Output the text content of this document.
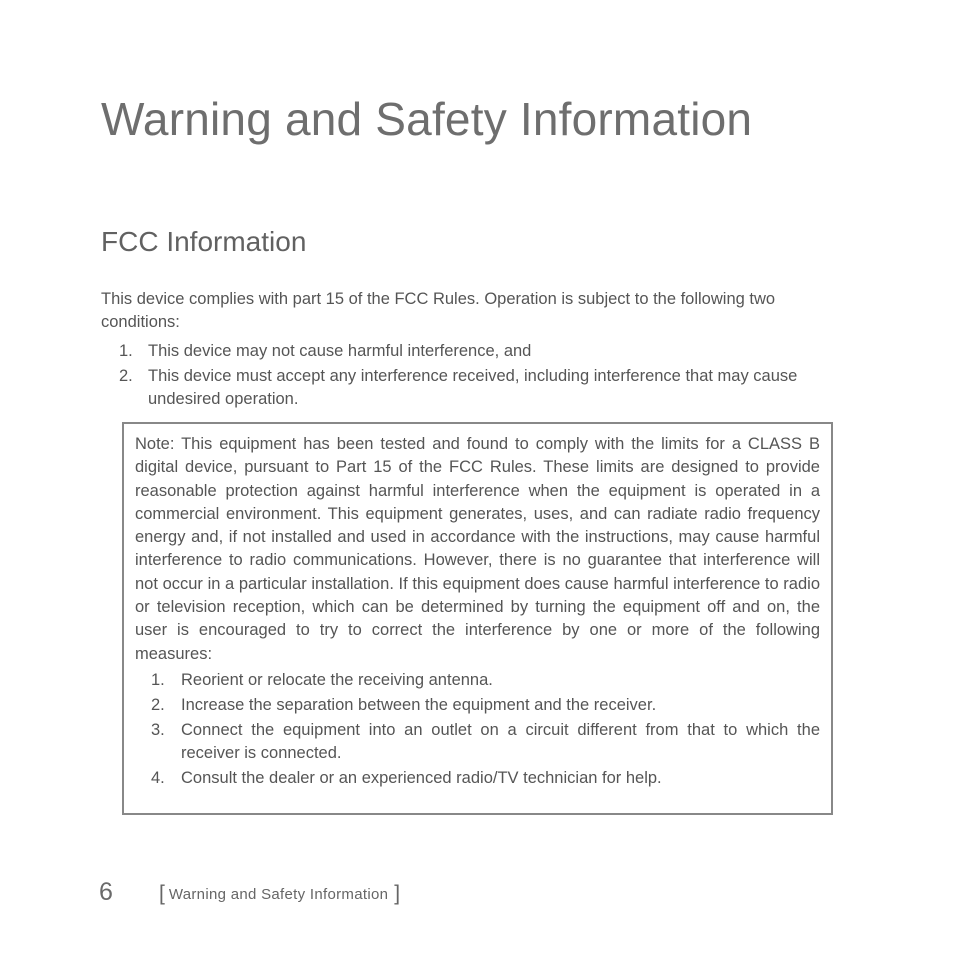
Warning and Safety Information
FCC Information

This device complies with part 15 of the FCC Rules. Operation is subject to the following two conditions:

1. This device may not cause harmful interference, and
2. This device must accept any interference received, including interference that may cause undesired operation.

Note: This equipment has been tested and found to comply with the limits for a CLASS B digital device, pursuant to Part 15 of the FCC Rules. These limits are designed to provide reasonable protection against harmful interference when the equipment is operated in a commercial environment. This equipment generates, uses, and can radiate radio frequency energy and, if not installed and used in accordance with the instructions, may cause harmful interference to radio communications. However, there is no guarantee that interference will not occur in a particular installation. If this equipment does cause harmful interference to radio or television reception, which can be determined by turning the equipment off and on, the user is encouraged to try to correct the interference by one or more of the following measures:

1. Reorient or relocate the receiving antenna.
2. Increase the separation between the equipment and the receiver.
3. Connect the equipment into an outlet on a circuit different from that to which the receiver is connected.
4. Consult the dealer or an experienced radio/TV technician for help.
6 [ Warning and Safety Information ]
